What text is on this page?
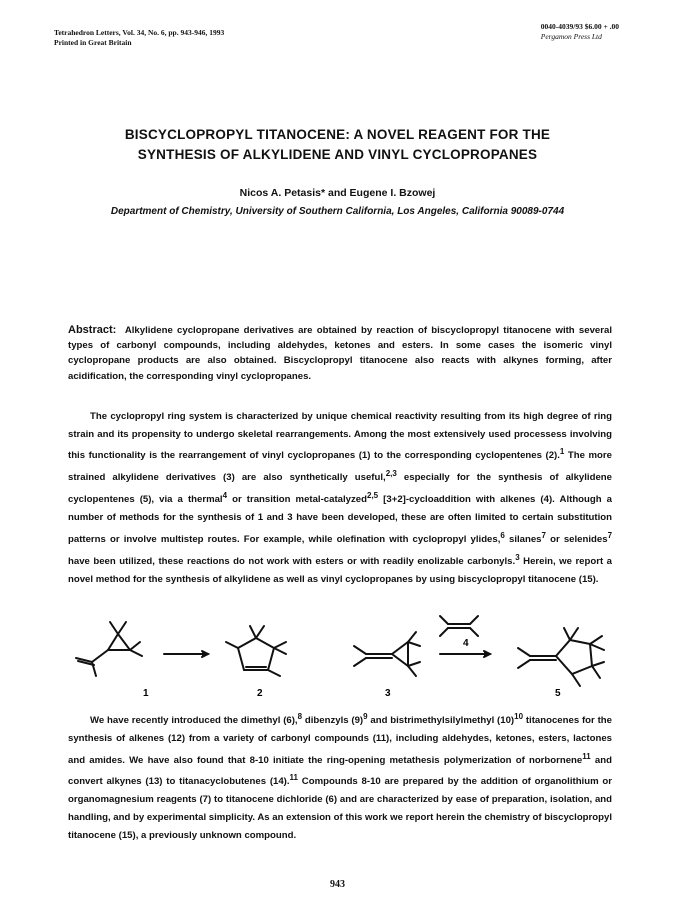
Tetrahedron Letters, Vol. 34, No. 6, pp. 943-946, 1993
Printed in Great Britain
0040-4039/93 $6.00 + .00
Pergamon Press Ltd
BISCYCLOPROPYL TITANOCENE: A NOVEL REAGENT FOR THE
SYNTHESIS OF ALKYLIDENE AND VINYL CYCLOPROPANES
Nicos A. Petasis* and Eugene I. Bzowej
Department of Chemistry, University of Southern California, Los Angeles, California 90089-0744
Abstract: Alkylidene cyclopropane derivatives are obtained by reaction of biscyclopropyl titanocene with several types of carbonyl compounds, including aldehydes, ketones and esters. In some cases the isomeric vinyl cyclopropane products are also obtained. Biscyclopropyl titanocene also reacts with alkynes forming, after acidification, the corresponding vinyl cyclopropanes.

The cyclopropyl ring system is characterized by unique chemical reactivity resulting from its high degree of ring strain and its propensity to undergo skeletal rearrangements. Among the most extensively used processess involving this functionality is the rearrangement of vinyl cyclopropanes (1) to the corresponding cyclopentenes (2).$^1$ The more strained alkylidene derivatives (3) are also synthetically useful,$^{2,3}$ especially for the synthesis of alkylidene cyclopentenes (5), via a thermal$^4$ or transition metal-catalyzed$^{2,5}$ [3+2]-cycloaddition with alkenes (4). Although a number of methods for the synthesis of 1 and 3 have been developed, these are often limited to certain substitution patterns or involve multistep routes. For example, while olefination with cyclopropyl ylides,$^6$ silanes$^7$ or selenides$^7$ have been utilized, these reactions do not work with esters or with readily enolizable carbonyls.$^3$ Herein, we report a novel method for the synthesis of alkylidene as well as vinyl cyclopropanes by using biscyclopropyl titanocene (15).

4
1	2	3	5

We have recently introduced the dimethyl (6),$^8$ dibenzyls $(9)^9$ and bistrimethylsilylmethyl $(10)^{10}$ titanocenes for the synthesis of alkenes (12) from a variety of carbonyl compounds (11), including aldehydes, ketones, esters, lactones and amides. We have also found that 8-10 initiate the ring-opening metathesis polymerization of norbornene$^{11}$ and convert alkynes (13) to titanacyclobutenes (14).$^{11}$ Compounds 8-10 are prepared by the addition of organolithium or organomagnesium reagents (7) to titanocene dichloride (6) and are characterized by ease of preparation, isolation, and handling, and by experimental simplicity. As an extension of this work we report herein the chemistry of biscyclopropyl titanocene (15), a previously unknown compound.

943
